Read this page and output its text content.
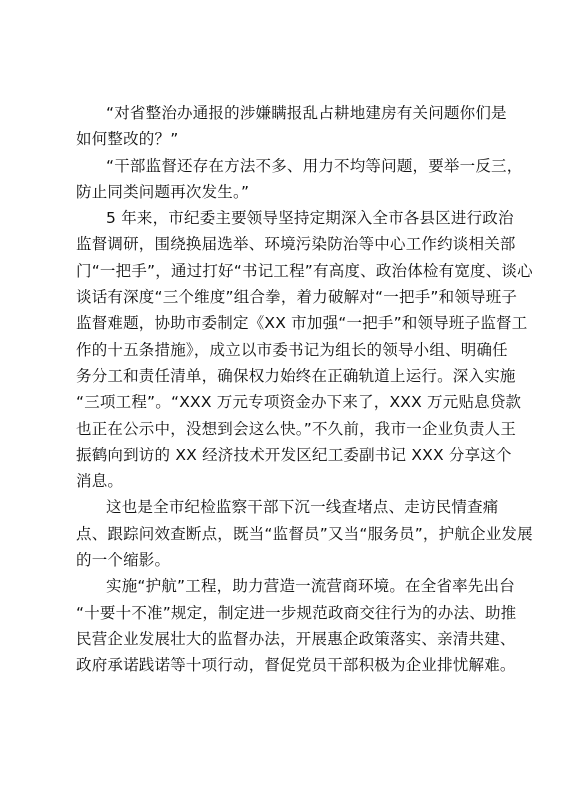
“对省整治办通报的涉嫌瞒报乱占耕地建房有关问题你们是
如何整改的？”
“干部监督还存在方法不多、用力不均等问题，要举一反三，
防止同类问题再次发生。”
5 年来，市纪委主要领导坚持定期深入全市各县区进行政治
监督调研，围绕换届选举、环境污染防治等中心工作约谈相关部
门“一把手”，通过打好“书记工程”有高度、政治体检有宽度、谈心
谈话有深度“三个维度”组合拳，着力破解对“一把手”和领导班子
监督难题，协助市委制定《XX 市加强“一把手”和领导班子监督工
作的十五条措施》，成立以市委书记为组长的领导小组、明确任
务分工和责任清单，确保权力始终在正确轨道上运行。深入实施
“三项工程”。“XXX 万元专项资金办下来了，XXX 万元贴息贷款
也正在公示中，没想到会这么快。”不久前，我市一企业负责人王
振鹤向到访的 XX 经济技术开发区纪工委副书记 XXX 分享这个
消息。
这也是全市纪检监察干部下沉一线查堵点、走访民情查痛
点、跟踪问效查断点，既当“监督员”又当“服务员”，护航企业发展
的一个缩影。
实施“护航”工程，助力营造一流营商环境。在全省率先出台
“十要十不准”规定，制定进一步规范政商交往行为的办法、助推
民营企业发展壮大的监督办法，开展惠企政策落实、亲清共建、
政府承诺践诺等十项行动，督促党员干部积极为企业排忧解难。
